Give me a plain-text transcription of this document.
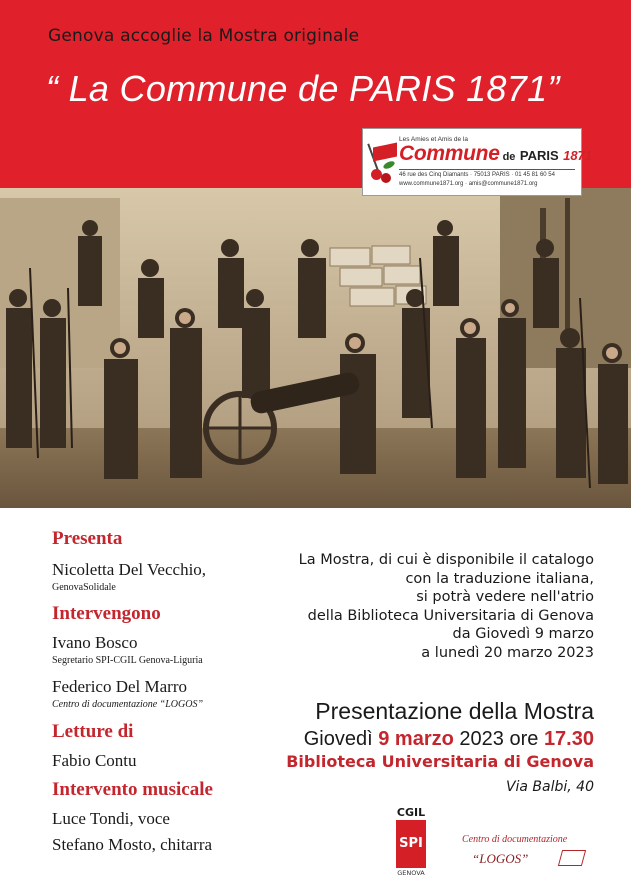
Genova accoglie la Mostra originale
“ La Commune de PARIS 1871”
Les Amies et Amis de la
Commune de PARIS 1871
46 rue des Cinq Diamants · 75013 PARIS · 01 45 81 60 54
www.commune1871.org · amis@commune1871.org
Presenta
Nicoletta Del Vecchio,
GenovaSolidale
Intervengono
Ivano Bosco
Segretario SPI-CGIL Genova-Liguria
Federico Del Marro
Centro di documentazione “LOGOS”
Letture di
Fabio Contu
Intervento musicale
Luce Tondi, voce
Stefano Mosto, chitarra
La Mostra, di cui è disponibile il catalogo
con la traduzione italiana,
si potrà vedere nell'atrio
della Biblioteca Universitaria di Genova
da Giovedì 9 marzo
a lunedì 20 marzo 2023
Presentazione della Mostra
Giovedì 9 marzo 2023 ore 17.30
Biblioteca Universitaria di Genova
Via Balbi, 40
CGIL
SPI
GENOVA
Centro di documentazione
“LOGOS”
